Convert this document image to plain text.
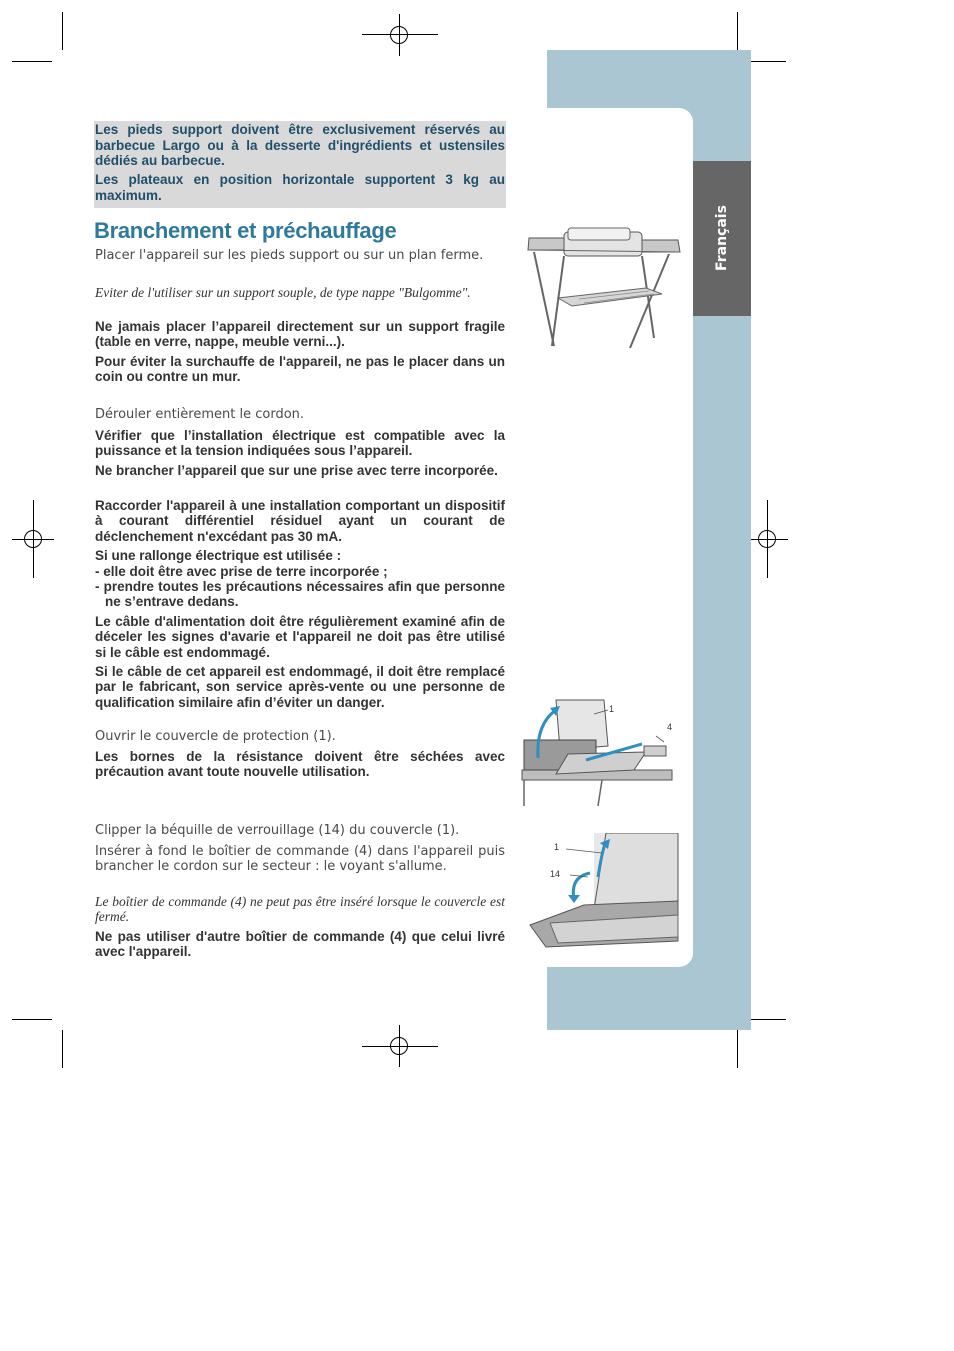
Français

Les pieds support doivent être exclusivement réservés au barbecue Largo ou à la desserte d'ingrédients et ustensiles dédiés au barbecue.

Les plateaux en position horizontale supportent 3 kg au maximum.

Branchement et préchauffage

Placer l'appareil sur les pieds support ou sur un plan ferme.

Eviter de l'utiliser sur un support souple, de type nappe "Bulgomme".

Ne jamais placer l’appareil directement sur un support fragile (table en verre, nappe, meuble verni...).

Pour éviter la surchauffe de l'appareil, ne pas le placer dans un coin ou contre un mur.

Dérouler entièrement le cordon.

Vérifier que l’installation électrique est compatible avec la puissance et la tension indiquées sous l’appareil.

Ne brancher l’appareil que sur une prise avec terre incorporée.

Raccorder l'appareil à une installation comportant un dispositif à courant différentiel résiduel ayant un courant de déclenchement n'excédant pas 30 mA.

Si une rallonge électrique est utilisée :

- elle doit être avec prise de terre incorporée ;

- prendre toutes les précautions nécessaires afin que personne ne s’entrave dedans.

Le câble d'alimentation doit être régulièrement examiné afin de déceler les signes d'avarie et l'appareil ne doit pas être utilisé si le câble est endommagé.

Si le câble de cet appareil est endommagé, il doit être remplacé par le fabricant, son service après-vente ou une personne de qualification similaire afin d’éviter un danger.

Ouvrir le couvercle de protection (1).

Les bornes de la résistance doivent être séchées avec précaution avant toute nouvelle utilisation.

Clipper la béquille de verrouillage (14) du couvercle (1).

Insérer à fond le boîtier de commande (4) dans l'appareil puis brancher le cordon sur le secteur : le voyant s'allume.

Le boîtier de commande (4) ne peut pas être inséré lorsque le couvercle est fermé.

Ne pas utiliser d'autre boîtier de commande (4) que celui livré avec l'appareil.

1
4
1
14
